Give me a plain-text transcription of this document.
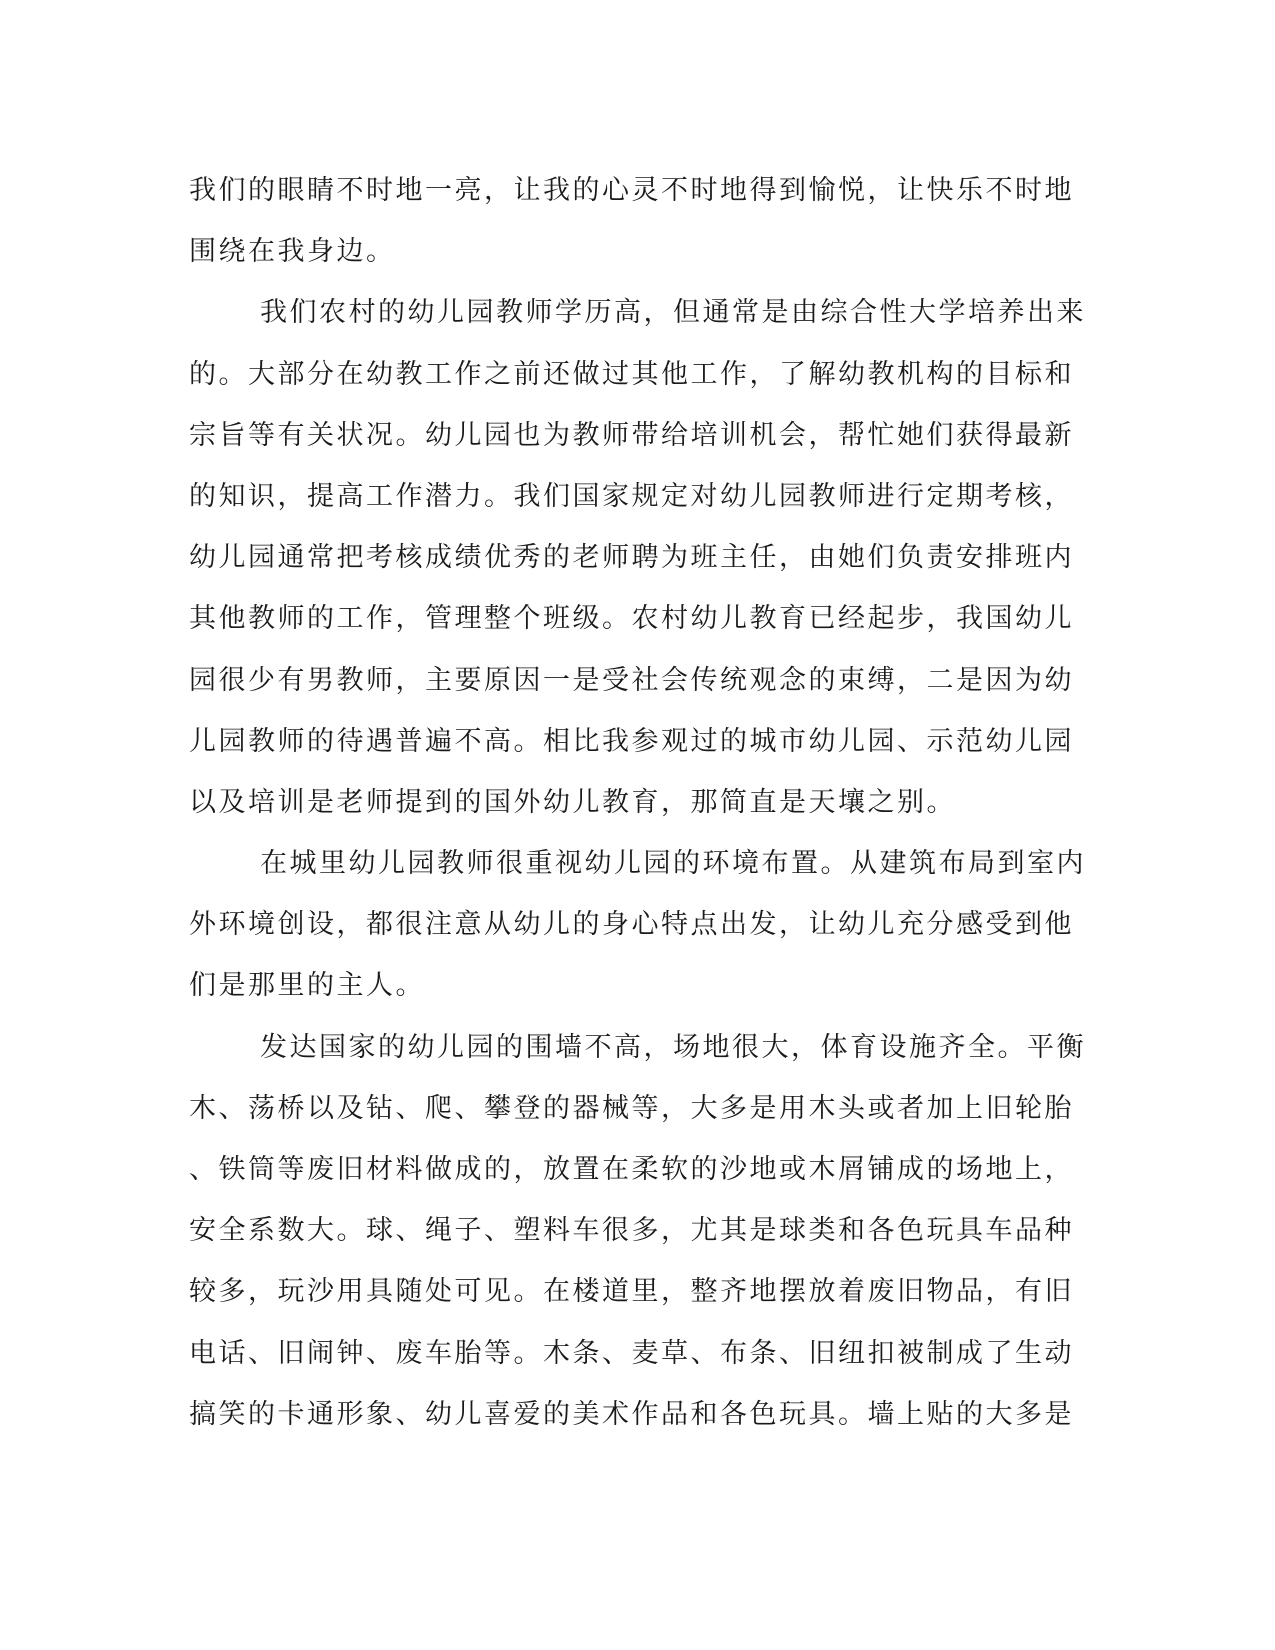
我们的眼睛不时地一亮，让我的心灵不时地得到愉悦，让快乐不时地
围绕在我身边。
我们农村的幼儿园教师学历高，但通常是由综合性大学培养出来
的。大部分在幼教工作之前还做过其他工作，了解幼教机构的目标和
宗旨等有关状况。幼儿园也为教师带给培训机会，帮忙她们获得最新
的知识，提高工作潜力。我们国家规定对幼儿园教师进行定期考核，
幼儿园通常把考核成绩优秀的老师聘为班主任，由她们负责安排班内
其他教师的工作，管理整个班级。农村幼儿教育已经起步，我国幼儿
园很少有男教师，主要原因一是受社会传统观念的束缚，二是因为幼
儿园教师的待遇普遍不高。相比我参观过的城市幼儿园、示范幼儿园
以及培训是老师提到的国外幼儿教育，那简直是天壤之别。
在城里幼儿园教师很重视幼儿园的环境布置。从建筑布局到室内
外环境创设，都很注意从幼儿的身心特点出发，让幼儿充分感受到他
们是那里的主人。
发达国家的幼儿园的围墙不高，场地很大，体育设施齐全。平衡
木、荡桥以及钻、爬、攀登的器械等，大多是用木头或者加上旧轮胎
、铁筒等废旧材料做成的，放置在柔软的沙地或木屑铺成的场地上，
安全系数大。球、绳子、塑料车很多，尤其是球类和各色玩具车品种
较多，玩沙用具随处可见。在楼道里，整齐地摆放着废旧物品，有旧
电话、旧闹钟、废车胎等。木条、麦草、布条、旧纽扣被制成了生动
搞笑的卡通形象、幼儿喜爱的美术作品和各色玩具。墙上贴的大多是
